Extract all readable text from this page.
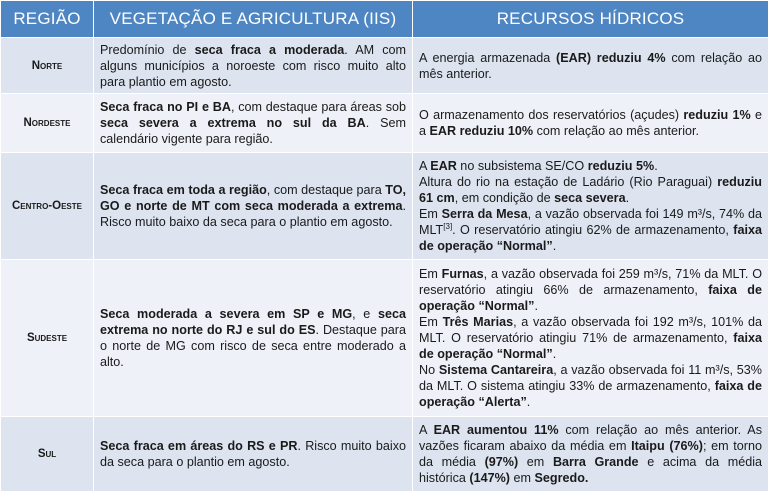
REGIÃO	VEGETAÇÃO E AGRICULTURA (IIS)	RECURSOS HÍDRICOS
Norte	Predomínio de seca fraca a moderada. AM com alguns municípios a noroeste com risco muito alto para plantio em agosto.	A energia armazenada (EAR) reduziu 4% com relação ao mês anterior.
Nordeste	Seca fraca no PI e BA, com destaque para áreas sob seca severa a extrema no sul da BA. Sem calendário vigente para região.	O armazenamento dos reservatórios (açudes) reduziu 1% e a EAR reduziu 10% com relação ao mês anterior.
Centro-Oeste	Seca fraca em toda a região, com destaque para TO, GO e norte de MT com seca moderada a extrema. Risco muito baixo da seca para o plantio em agosto.	A EAR no subsistema SE/CO reduziu 5%.
Altura do rio na estação de Ladário (Rio Paraguai) reduziu 61 cm, em condição de seca severa.
Em Serra da Mesa, a vazão observada foi 149 m³/s, 74% da MLT[3]. O reservatório atingiu 62% de armazenamento, faixa de operação “Normal”.

Sudeste	Seca moderada a severa em SP e MG, e seca extrema no norte do RJ e sul do ES. Destaque para o norte de MG com risco de seca entre moderado a alto.	Em Furnas, a vazão observada foi 259 m³/s, 71% da MLT. O reservatório atingiu 66% de armazenamento, faixa de operação “Normal”.
Em Três Marias, a vazão observada foi 192 m³/s, 101% da MLT. O reservatório atingiu 71% de armazenamento, faixa de operação “Normal”.
No Sistema Cantareira, a vazão observada foi 11 m³/s, 53% da MLT. O sistema atingiu 33% de armazenamento, faixa de operação “Alerta”.

Sul	Seca fraca em áreas do RS e PR. Risco muito baixo da seca para o plantio em agosto.	A EAR aumentou 11% com relação ao mês anterior. As vazões ficaram abaixo da média em Itaipu (76%); em torno da média (97%) em Barra Grande e acima da média histórica (147%) em Segredo.
